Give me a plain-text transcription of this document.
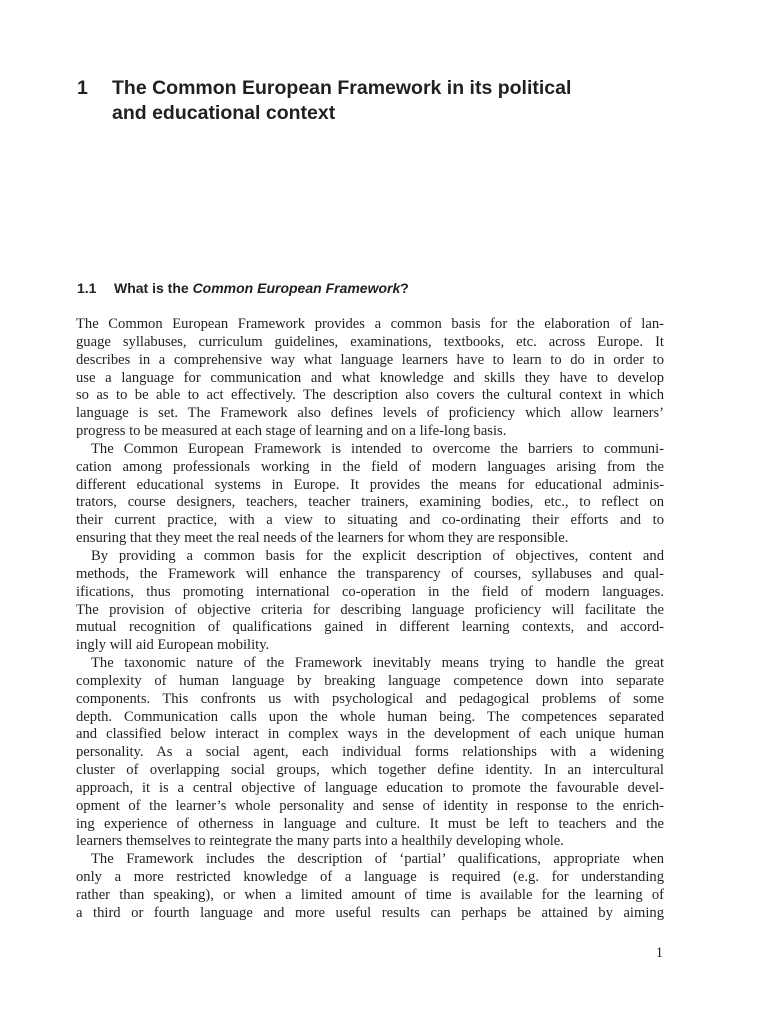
1 The Common European Framework in its political
and educational context
1.1 What is the Common European Framework?
The Common European Framework provides a common basis for the elaboration of lan-
guage syllabuses, curriculum guidelines, examinations, textbooks, etc. across Europe. It
describes in a comprehensive way what language learners have to learn to do in order to
use a language for communication and what knowledge and skills they have to develop
so as to be able to act effectively. The description also covers the cultural context in which
language is set. The Framework also defines levels of proficiency which allow learners’
progress to be measured at each stage of learning and on a life-long basis.
The Common European Framework is intended to overcome the barriers to communi-
cation among professionals working in the field of modern languages arising from the
different educational systems in Europe. It provides the means for educational adminis-
trators, course designers, teachers, teacher trainers, examining bodies, etc., to reflect on
their current practice, with a view to situating and co-ordinating their efforts and to
ensuring that they meet the real needs of the learners for whom they are responsible.
By providing a common basis for the explicit description of objectives, content and
methods, the Framework will enhance the transparency of courses, syllabuses and qual-
ifications, thus promoting international co-operation in the field of modern languages.
The provision of objective criteria for describing language proficiency will facilitate the
mutual recognition of qualifications gained in different learning contexts, and accord-
ingly will aid European mobility.
The taxonomic nature of the Framework inevitably means trying to handle the great
complexity of human language by breaking language competence down into separate
components. This confronts us with psychological and pedagogical problems of some
depth. Communication calls upon the whole human being. The competences separated
and classified below interact in complex ways in the development of each unique human
personality. As a social agent, each individual forms relationships with a widening
cluster of overlapping social groups, which together define identity. In an intercultural
approach, it is a central objective of language education to promote the favourable devel-
opment of the learner’s whole personality and sense of identity in response to the enrich-
ing experience of otherness in language and culture. It must be left to teachers and the
learners themselves to reintegrate the many parts into a healthily developing whole.
The Framework includes the description of ‘partial’ qualifications, appropriate when
only a more restricted knowledge of a language is required (e.g. for understanding
rather than speaking), or when a limited amount of time is available for the learning of
a third or fourth language and more useful results can perhaps be attained by aiming
1
